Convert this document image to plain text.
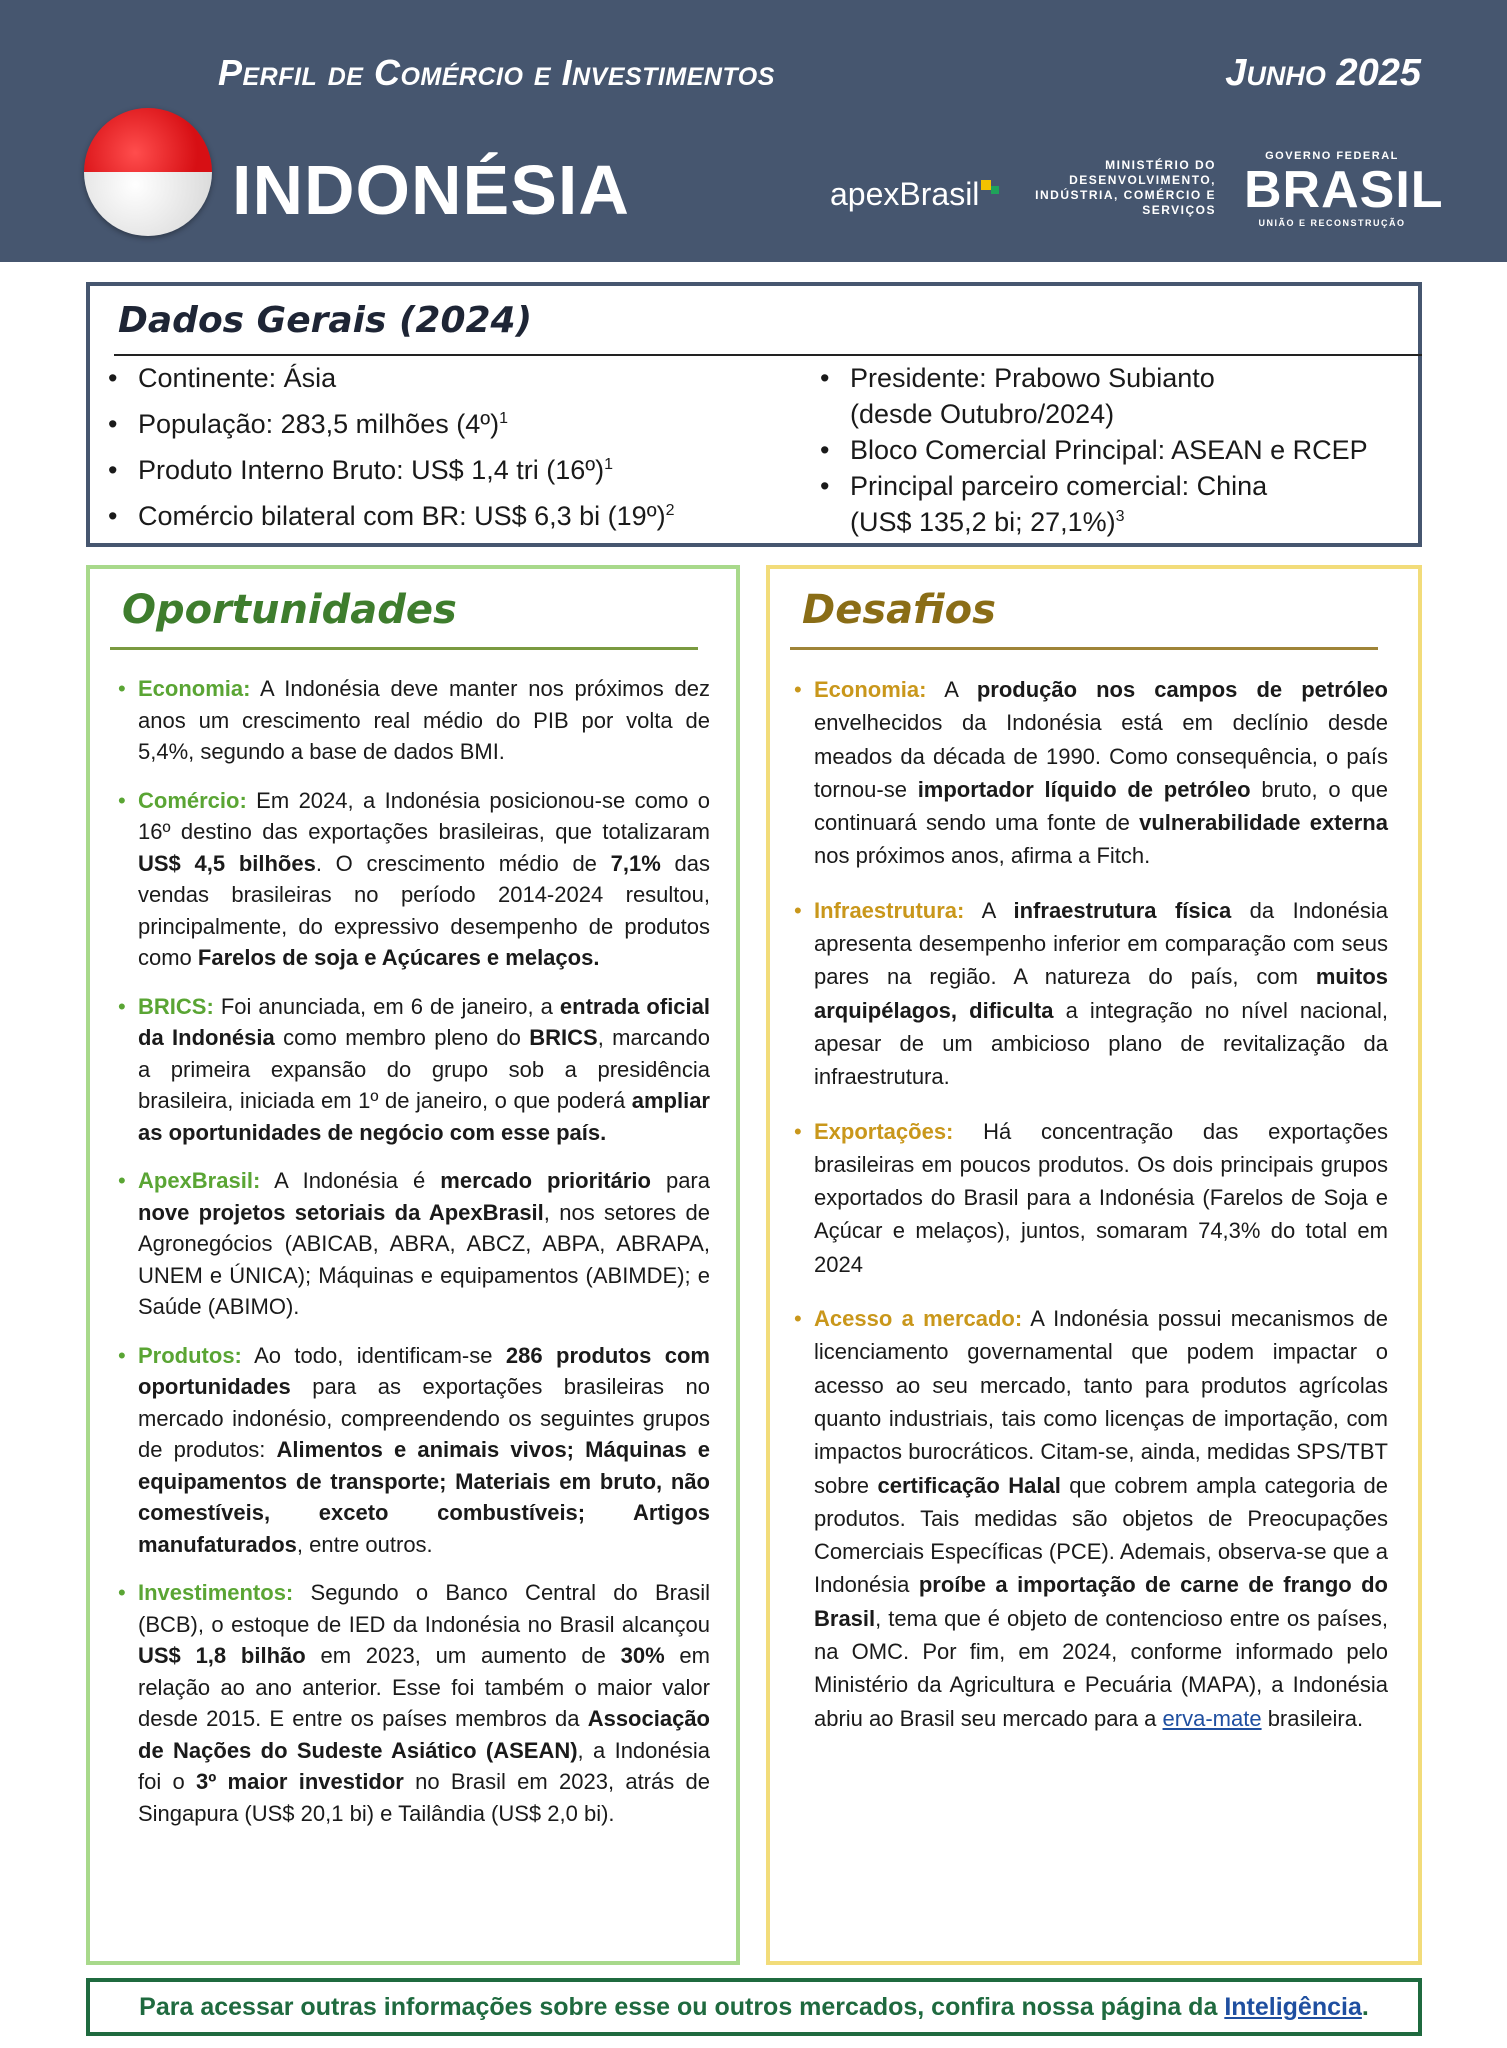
Perfil de Comércio e Investimentos	Junho 2025
INDONÉSIA	apexBrasil
MINISTÉRIO DO DESENVOLVIMENTO, INDÚSTRIA, COMÉRCIO E SERVIÇOS
GOVERNO FEDERAL
BRASIL
UNIÃO E RECONSTRUÇÃO
Dados Gerais (2024)
• Continente: Ásia
• População: 283,5 milhões (4º)$^1$
• Produto Interno Bruto: US$ 1,4 tri (16º)$^1$
• Comércio bilateral com BR: US$ 6,3 bi (19º)$^2$
• Presidente: Prabowo Subianto
(desde Outubro/2024)
• Bloco Comercial Principal: ASEAN e RCEP
• Principal parceiro comercial: China
(US$ 135,2 bi; 27,1%)$^3$
Oportunidades
• Economia: A Indonésia deve manter nos próximos dez anos um crescimento real médio do PIB por volta de 5,4%, segundo a base de dados BMI.
• Comércio: Em 2024, a Indonésia posicionou-se como o 16º destino das exportações brasileiras, que totalizaram US$ 4,5 bilhões. O crescimento médio de 7,1% das vendas brasileiras no período 2014-2024 resultou, principalmente, do expressivo desempenho de produtos como Farelos de soja e Açúcares e melaços.
• BRICS: Foi anunciada, em 6 de janeiro, a entrada oficial da Indonésia como membro pleno do BRICS, marcando a primeira expansão do grupo sob a presidência brasileira, iniciada em 1º de janeiro, o que poderá ampliar as oportunidades de negócio com esse país.
• ApexBrasil: A Indonésia é mercado prioritário para nove projetos setoriais da ApexBrasil, nos setores de Agronegócios (ABICAB, ABRA, ABCZ, ABPA, ABRAPA, UNEM e ÚNICA); Máquinas e equipamentos (ABIMDE); e Saúde (ABIMO).
• Produtos: Ao todo, identificam-se 286 produtos com oportunidades para as exportações brasileiras no mercado indonésio, compreendendo os seguintes grupos de produtos: Alimentos e animais vivos; Máquinas e equipamentos de transporte; Materiais em bruto, não comestíveis, exceto combustíveis; Artigos manufaturados, entre outros.
• Investimentos: Segundo o Banco Central do Brasil (BCB), o estoque de IED da Indonésia no Brasil alcançou US$ 1,8 bilhão em 2023, um aumento de 30% em relação ao ano anterior. Esse foi também o maior valor desde 2015. E entre os países membros da Associação de Nações do Sudeste Asiático (ASEAN), a Indonésia foi o 3º maior investidor no Brasil em 2023, atrás de Singapura (US$ 20,1 bi) e Tailândia (US$ 2,0 bi).
Desafios
• Economia: A produção nos campos de petróleo envelhecidos da Indonésia está em declínio desde meados da década de 1990. Como consequência, o país tornou-se importador líquido de petróleo bruto, o que continuará sendo uma fonte de vulnerabilidade externa nos próximos anos, afirma a Fitch.
• Infraestrutura: A infraestrutura física da Indonésia apresenta desempenho inferior em comparação com seus pares na região. A natureza do país, com muitos arquipélagos, dificulta a integração no nível nacional, apesar de um ambicioso plano de revitalização da infraestrutura.
• Exportações: Há concentração das exportações brasileiras em poucos produtos. Os dois principais grupos exportados do Brasil para a Indonésia (Farelos de Soja e Açúcar e melaços), juntos, somaram 74,3% do total em 2024
• Acesso a mercado: A Indonésia possui mecanismos de licenciamento governamental que podem impactar o acesso ao seu mercado, tanto para produtos agrícolas quanto industriais, tais como licenças de importação, com impactos burocráticos. Citam-se, ainda, medidas SPS/TBT sobre certificação Halal que cobrem ampla categoria de produtos. Tais medidas são objetos de Preocupações Comerciais Específicas (PCE). Ademais, observa-se que a Indonésia proíbe a importação de carne de frango do Brasil, tema que é objeto de contencioso entre os países, na OMC. Por fim, em 2024, conforme informado pelo Ministério da Agricultura e Pecuária (MAPA), a Indonésia abriu ao Brasil seu mercado para a erva-mate brasileira.
Para acessar outras informações sobre esse ou outros mercados, confira nossa página da Inteligência.
